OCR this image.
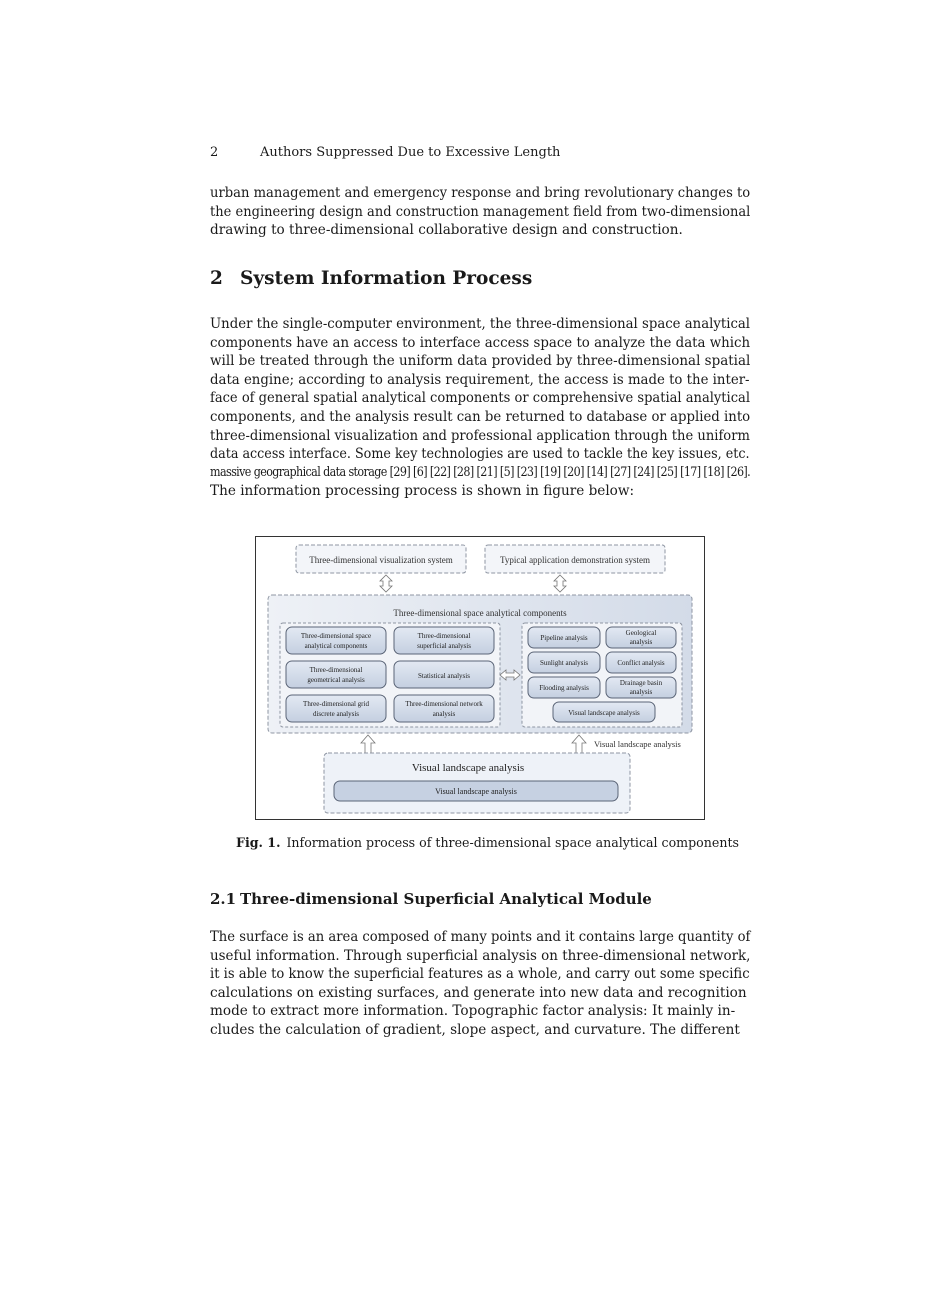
2	Authors Suppressed Due to Excessive Length
urban management and emergency response and bring revolutionary changes to
the engineering design and construction management field from two-dimensional
drawing to three-dimensional collaborative design and construction.
2 System Information Process
Under the single-computer environment, the three-dimensional space analytical
components have an access to interface access space to analyze the data which
will be treated through the uniform data provided by three-dimensional spatial
data engine; according to analysis requirement, the access is made to the inter-
face of general spatial analytical components or comprehensive spatial analytical
components, and the analysis result can be returned to database or applied into
three-dimensional visualization and professional application through the uniform
data access interface. Some key technologies are used to tackle the key issues, etc.
massive geographical data storage [29] [6] [22] [28] [21] [5] [23] [19] [20] [14] [27] [24] [25] [17] [18] [26].
The information processing process is shown in figure below:
Three-dimensional visualization system	Typical application demonstration system
Three-dimensional space analytical components
Three-dimensional space analytical components
Three-dimensional superficial analysis
Three-dimensional geometrical analysis	Statistical analysis
Three-dimensional grid discrete analysis
Three-dimensional network analysis
Pipeline analysis
Geological analysis
Sunlight analysis	Conflict analysis
Flooding analysis
Drainage basin analysis
Visual landscape analysis
Visual landscape analysis
Visual landscape analysis
Visual landscape analysis
Fig. 1. Information process of three-dimensional space analytical components
2.1 Three-dimensional Superficial Analytical Module
The surface is an area composed of many points and it contains large quantity of
useful information. Through superficial analysis on three-dimensional network,
it is able to know the superficial features as a whole, and carry out some specific
calculations on existing surfaces, and generate into new data and recognition
mode to extract more information. Topographic factor analysis: It mainly in-
cludes the calculation of gradient, slope aspect, and curvature. The different
